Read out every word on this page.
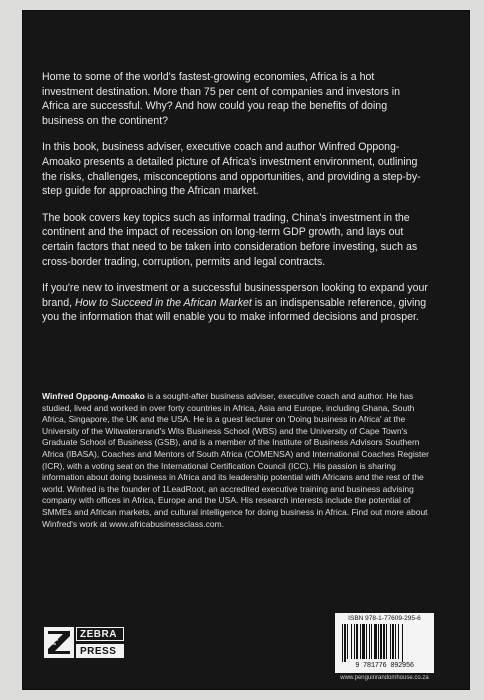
Home to some of the world's fastest-growing economies, Africa is a hot investment destination. More than 75 per cent of companies and investors in Africa are successful. Why? And how could you reap the benefits of doing business on the continent?

In this book, business adviser, executive coach and author Winfred Oppong-Amoako presents a detailed picture of Africa's investment environment, outlining the risks, challenges, misconceptions and opportunities, and providing a step-by-step guide for approaching the African market.

The book covers key topics such as informal trading, China's investment in the continent and the impact of recession on long-term GDP growth, and lays out certain factors that need to be taken into consideration before investing, such as cross-border trading, corruption, permits and legal contracts.

If you're new to investment or a successful businessperson looking to expand your brand, How to Succeed in the African Market is an indispensable reference, giving you the information that will enable you to make informed decisions and prosper.

Winfred Oppong-Amoako is a sought-after business adviser, executive coach and author. He has studied, lived and worked in over forty countries in Africa, Asia and Europe, including Ghana, South Africa, Singapore, the UK and the USA. He is a guest lecturer on 'Doing business in Africa' at the University of the Witwatersrand's Wits Business School (WBS) and the University of Cape Town's Graduate School of Business (GSB), and is a member of the Institute of Business Advisors Southern Africa (IBASA), Coaches and Mentors of South Africa (COMENSA) and International Coaches Register (ICR), with a voting seat on the International Certification Council (ICC). His passion is sharing information about doing business in Africa and its leadership potential with Africans and the rest of the world. Winfred is the founder of 1LeadRoot, an accredited executive training and business advising company with offices in Africa, Europe and the USA. His research interests include the potential of SMMEs and African markets, and cultural intelligence for doing business in Africa. Find out more about Winfred's work at www.africabusinessclass.com.

ZEBRA
PRESS
ISBN 978-1-77609-295-6
9 781776 092956
www.penguinrandomhouse.co.za
